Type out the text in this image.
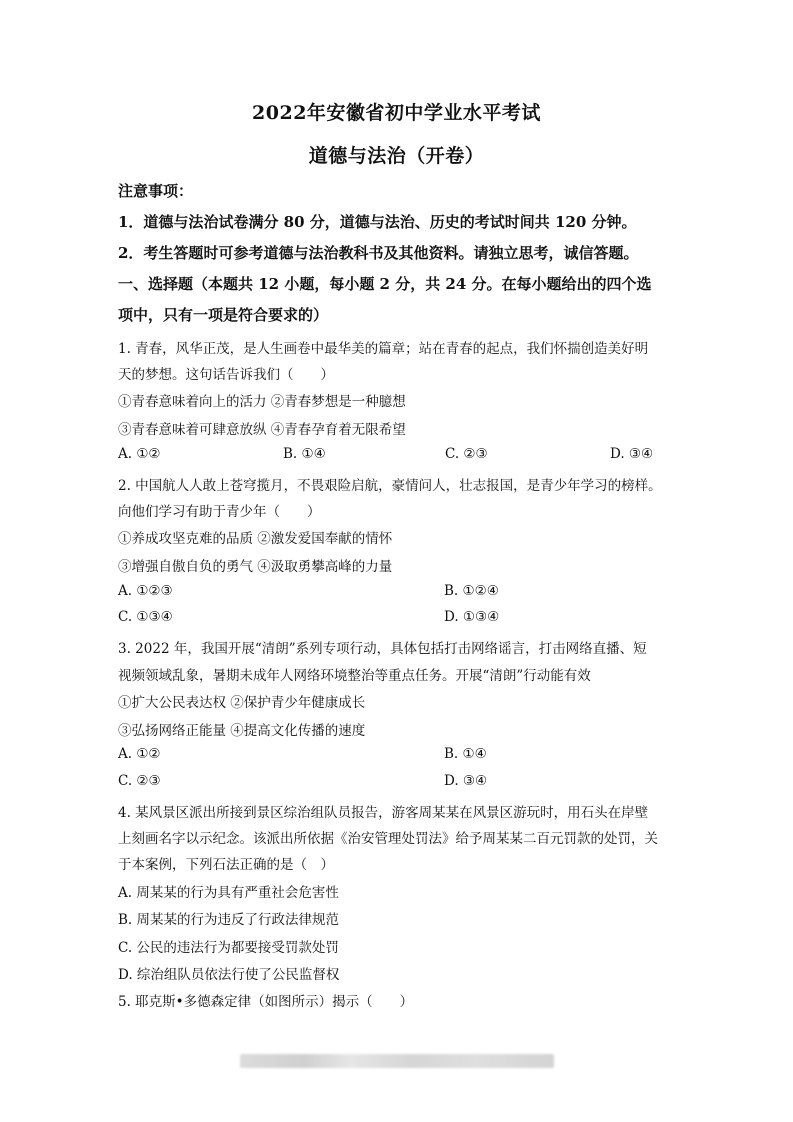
2022年安徽省初中学业水平考试
道德与法治（开卷）
注意事项：
1．道德与法治试卷满分 80 分，道德与法治、历史的考试时间共 120 分钟。
2．考生答题时可参考道德与法治教科书及其他资料。请独立思考，诚信答题。
一、选择题（本题共 12 小题，每小题 2 分，共 24 分。在每小题给出的四个选
项中，只有一项是符合要求的）
1. 青春，风华正茂，是人生画卷中最华美的篇章；站在青春的起点，我们怀揣创造美好明
天的梦想。这句话告诉我们（　　）
①青春意味着向上的活力 ②青春梦想是一种臆想
③青春意味着可肆意放纵 ④青春孕育着无限希望
A. ①②	B. ①④	C. ②③	D. ③④
2. 中国航人人敢上苍穹揽月，不畏艰险启航，豪情问人，壮志报国，是青少年学习的榜样。
向他们学习有助于青少年（　　）
①养成攻坚克难的品质 ②激发爱国奉献的情怀
③增强自傲自负的勇气 ④汲取勇攀高峰的力量
A. ①②③	B. ①②④
C. ①③④	D. ①③④
3. 2022 年，我国开展“清朗”系列专项行动，具体包括打击网络谣言，打击网络直播、短
视频领域乱象，暑期未成年人网络环境整治等重点任务。开展“清朗”行动能有效
①扩大公民表达权 ②保护青少年健康成长
③弘扬网络正能量 ④提高文化传播的速度
A. ①②	B. ①④
C. ②③	D. ③④
4. 某风景区派出所接到景区综治组队员报告，游客周某某在风景区游玩时，用石头在岸壁
上刻画名字以示纪念。该派出所依据《治安管理处罚法》给予周某某二百元罚款的处罚，关
于本案例，下列石法正确的是（　）
A. 周某某的行为具有严重社会危害性
B. 周某某的行为违反了行政法律规范
C. 公民的违法行为都要接受罚款处罚
D. 综治组队员依法行使了公民监督权
5. 耶克斯•多德森定律（如图所示）揭示（　　）
